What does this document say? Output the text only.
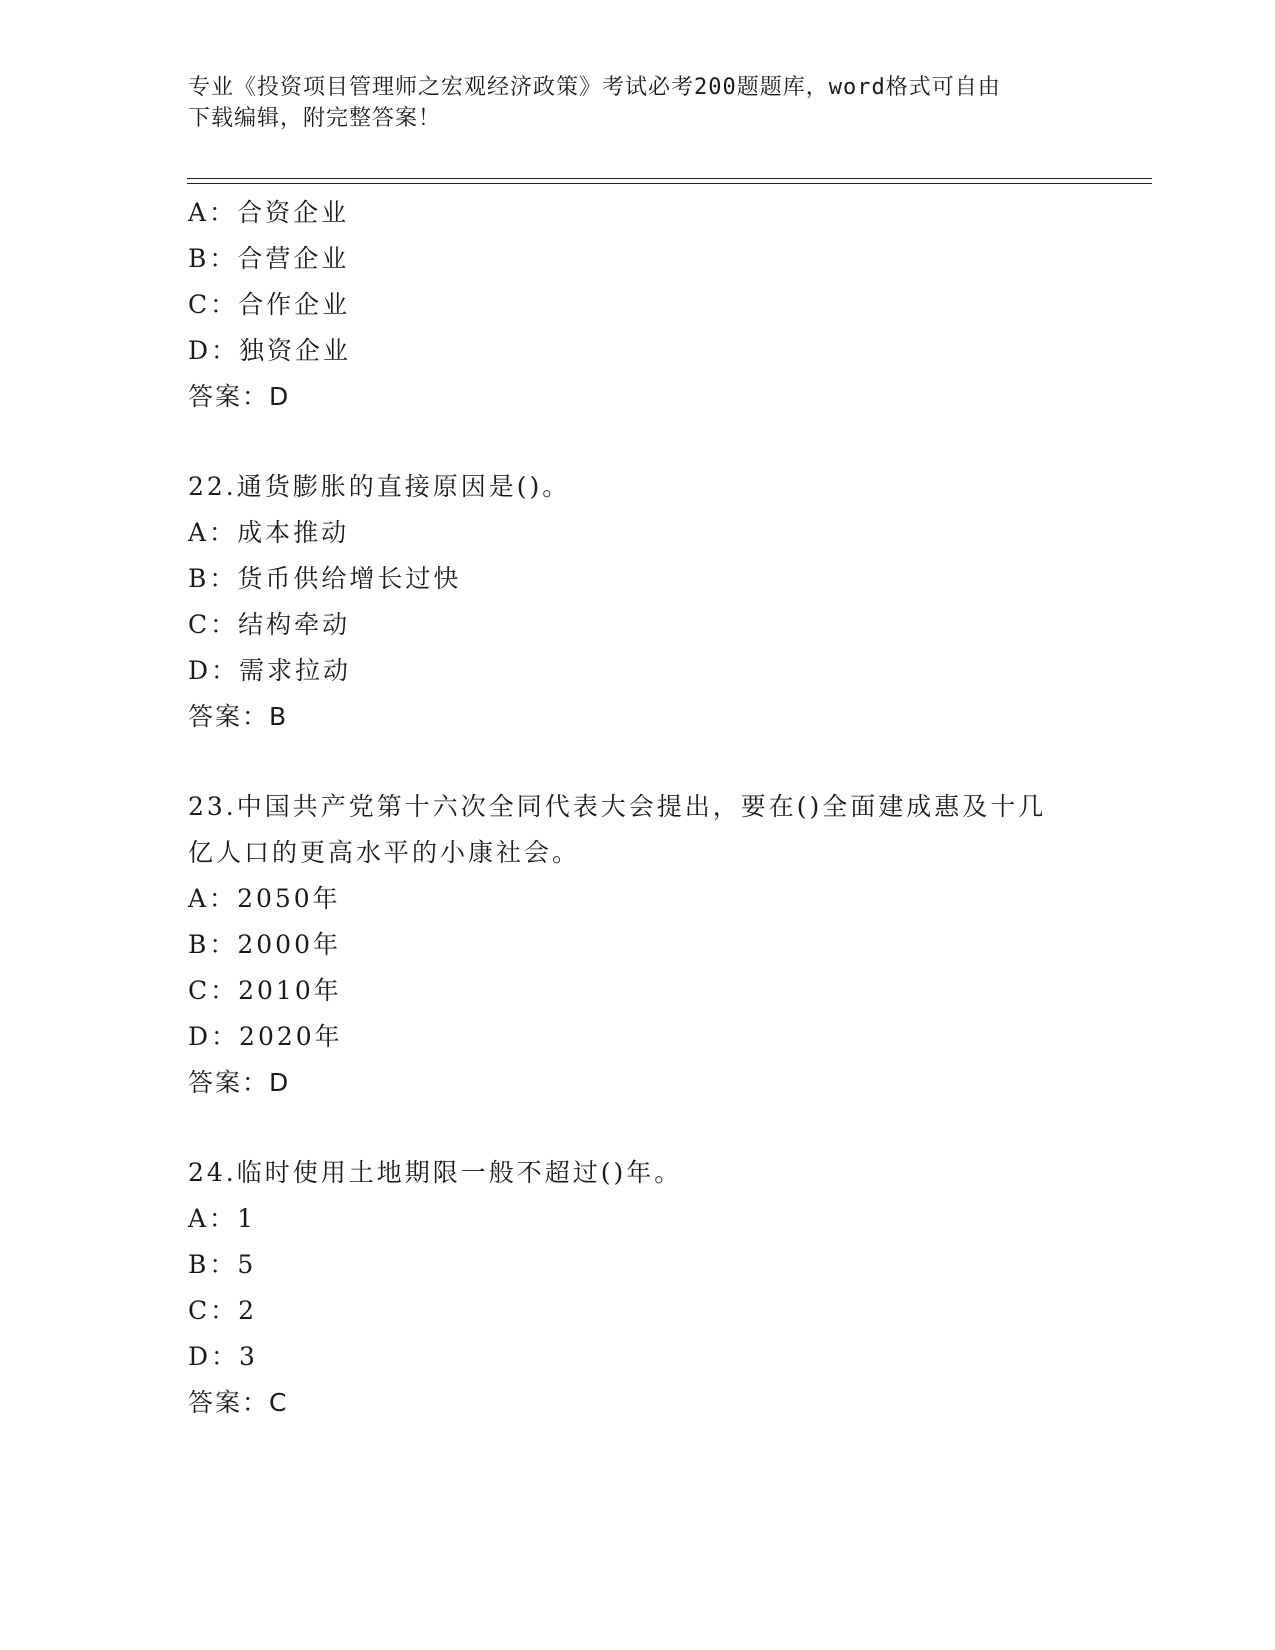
专业《投资项目管理师之宏观经济政策》考试必考200题题库，word格式可自由
下载编辑，附完整答案！
A：合资企业
B：合营企业
C：合作企业
D：独资企业
答案：D
22.通货膨胀的直接原因是()。
A：成本推动
B：货币供给增长过快
C：结构牵动
D：需求拉动
答案：B
23.中国共产党第十六次全同代表大会提出，要在()全面建成惠及十几
亿人口的更高水平的小康社会。
A：2050年
B：2000年
C：2010年
D：2020年
答案：D
24.临时使用土地期限一般不超过()年。
A：1
B：5
C：2
D：3
答案：C
